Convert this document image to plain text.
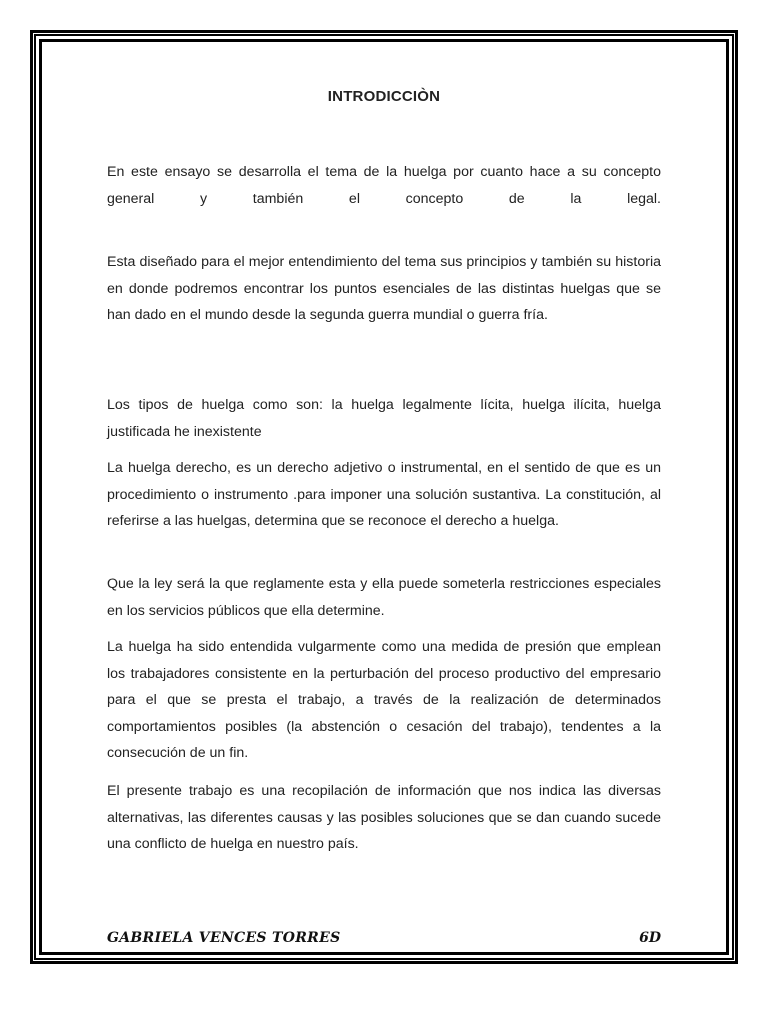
INTRODICCIÒN

En este ensayo se desarrolla el tema de la huelga por cuanto hace a su concepto general y también el concepto de la legal.

Esta diseñado para el mejor entendimiento del tema sus principios y también su historia en donde podremos encontrar los puntos esenciales de las distintas huelgas que se han dado en el mundo desde la segunda guerra mundial o guerra fría.

Los tipos de huelga como son: la huelga legalmente lícita, huelga ilícita, huelga justificada he inexistente

La huelga derecho, es un derecho adjetivo o instrumental, en el sentido de que es un procedimiento o instrumento .para imponer una solución sustantiva. La constitución, al referirse a las huelgas, determina que se reconoce el derecho a huelga.

Que la ley será la que reglamente esta y ella puede someterla restricciones especiales en los servicios públicos que ella determine.

La huelga ha sido entendida vulgarmente como una medida de presión que emplean los trabajadores consistente en la perturbación del proceso productivo del empresario para el que se presta el trabajo, a través de la realización de determinados comportamientos posibles (la abstención o cesación del trabajo), tendentes a la consecución de un fin.

El presente trabajo es una recopilación de información que nos indica las diversas alternativas, las diferentes causas y las posibles soluciones que se dan cuando sucede una conflicto de huelga en nuestro país.

GABRIELA VENCES TORRES	6D
